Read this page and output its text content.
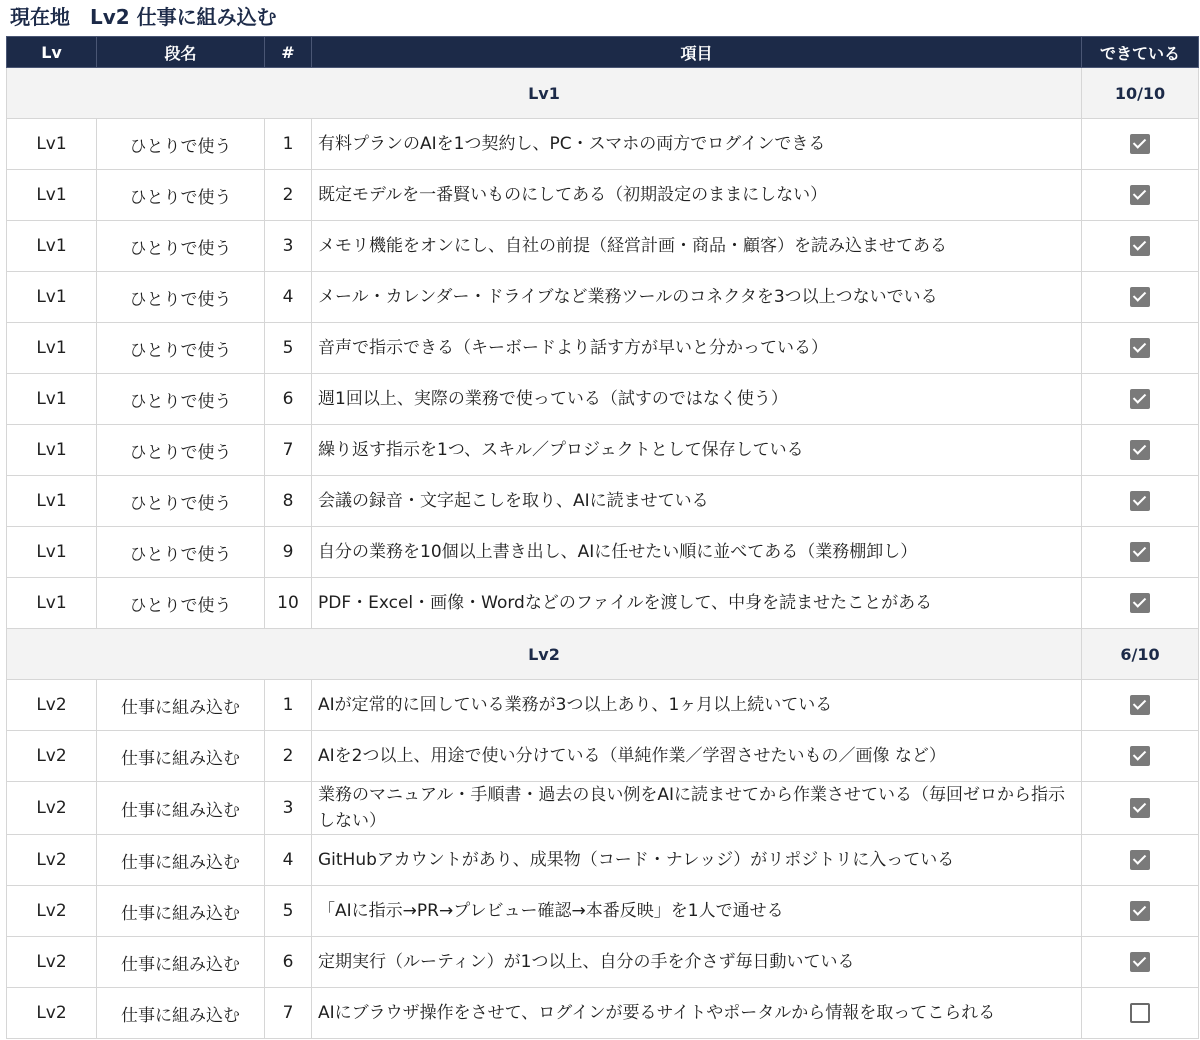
現在地　Lv2 仕事に組み込む
Lv	段名	#	項目	できている
Lv1				10/10
Lv1	ひとりで使う	1	有料プランのAIを1つ契約し、PC・スマホの両方でログインできる	
Lv1	ひとりで使う	2	既定モデルを一番賢いものにしてある（初期設定のままにしない）	
Lv1	ひとりで使う	3	メモリ機能をオンにし、自社の前提（経営計画・商品・顧客）を読み込ませてある	
Lv1	ひとりで使う	4	メール・カレンダー・ドライブなど業務ツールのコネクタを3つ以上つないでいる	
Lv1	ひとりで使う	5	音声で指示できる（キーボードより話す方が早いと分かっている）	
Lv1	ひとりで使う	6	週1回以上、実際の業務で使っている（試すのではなく使う）	
Lv1	ひとりで使う	7	繰り返す指示を1つ、スキル／プロジェクトとして保存している	
Lv1	ひとりで使う	8	会議の録音・文字起こしを取り、AIに読ませている	
Lv1	ひとりで使う	9	自分の業務を10個以上書き出し、AIに任せたい順に並べてある（業務棚卸し）	
Lv1	ひとりで使う	10	PDF・Excel・画像・Wordなどのファイルを渡して、中身を読ませたことがある	
Lv2				6/10
Lv2	仕事に組み込む	1	AIが定常的に回している業務が3つ以上あり、1ヶ月以上続いている	
Lv2	仕事に組み込む	2	AIを2つ以上、用途で使い分けている（単純作業／学習させたいもの／画像 など）	
Lv2	仕事に組み込む	3	業務のマニュアル・手順書・過去の良い例をAIに読ませてから作業させている（毎回ゼロから指示しない）	
Lv2	仕事に組み込む	4	GitHubアカウントがあり、成果物（コード・ナレッジ）がリポジトリに入っている	
Lv2	仕事に組み込む	5	「AIに指示→PR→プレビュー確認→本番反映」を1人で通せる	
Lv2	仕事に組み込む	6	定期実行（ルーティン）が1つ以上、自分の手を介さず毎日動いている	
Lv2	仕事に組み込む	7	AIにブラウザ操作をさせて、ログインが要るサイトやポータルから情報を取ってこられる	
